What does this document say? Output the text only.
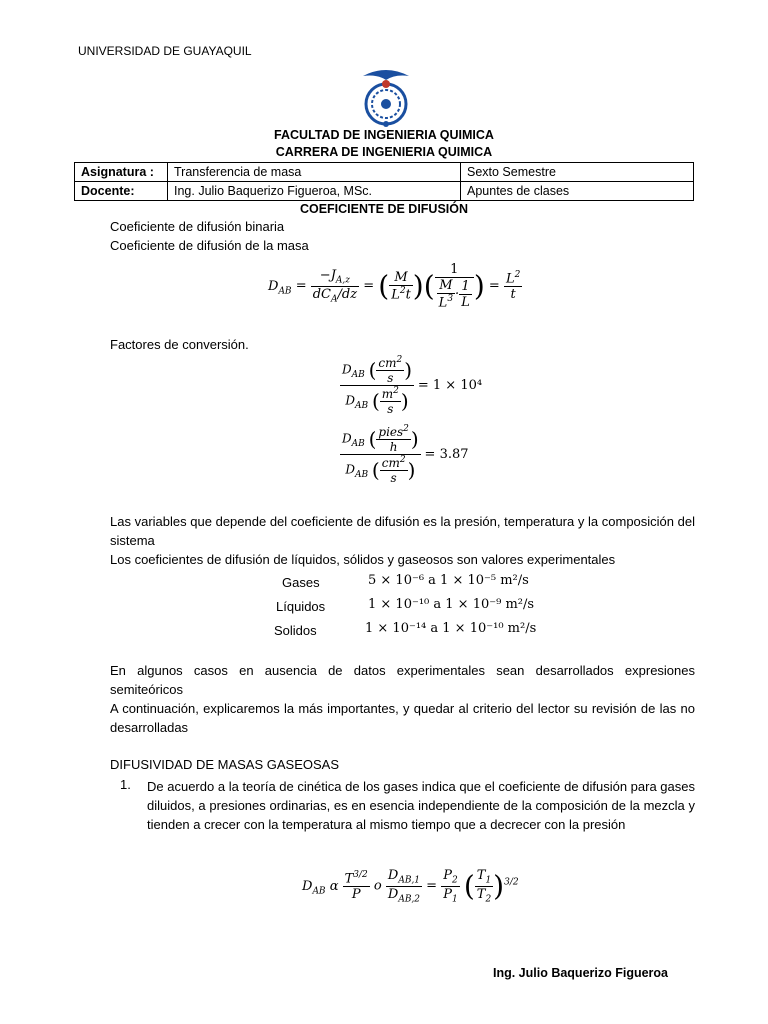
UNIVERSIDAD DE GUAYAQUIL
FACULTAD DE INGENIERIA QUIMICA
CARRERA DE INGENIERIA QUIMICA
Asignatura :	Transferencia de masa	Sexto Semestre
Docente:	Ing. Julio Baquerizo Figueroa, MSc.	Apuntes de clases
COEFICIENTE DE DIFUSIÓN
Coeficiente de difusión binaria
Coeficiente de difusión de la masa
$D_{AB} = \frac{-J_{A,z}}{dC_A/dz}$ = ( $\frac{M}{L^2t}$ )( $\frac{1}{\frac{M}{L^3} \cdot \frac{1}{L}}$ ) = $\frac{L^2}{t}$
Factores de conversión.
$\frac{D_{AB} ( \frac{cm^2}{s} )}{D_{AB} ( \frac{m^2}{s} )} = 1 \times 10^4$
$\frac{D_{AB} ( \frac{pies^2}{h} )}{D_{AB} ( \frac{cm^2}{s} )} = 3.87$
Las variables que depende del coeficiente de difusión es la presión, temperatura y la composición del sistema
Los coeficientes de difusión de líquidos, sólidos y gaseosos son valores experimentales
Gases	5 × 10⁻⁶ a 1 × 10⁻⁵ m²/s
Líquidos	1 × 10⁻¹⁰ a 1 × 10⁻⁹ m²/s
Solidos	1 × 10⁻¹⁴ a 1 × 10⁻¹⁰ m²/s
En algunos casos en ausencia de datos experimentales sean desarrollados expresiones semiteóricos
A continuación, explicaremos la más importantes, y quedar al criterio del lector su revisión de las no desarrolladas
DIFUSIVIDAD DE MASAS GASEOSAS
1. De acuerdo a la teoría de cinética de los gases indica que el coeficiente de difusión para gases diluidos, a presiones ordinarias, es en esencia independiente de la composición de la mezcla y tienden a crecer con la temperatura al mismo tiempo que a decrecer con la presión
$D_{AB}$ α $\frac{T^{3/2}}{P}$ o $\frac{D_{AB,1}}{D_{AB,2}} = \frac{P_2}{P_1}$ ( $\frac{T_1}{T_2} )^{3/2}$
Ing. Julio Baquerizo Figueroa
